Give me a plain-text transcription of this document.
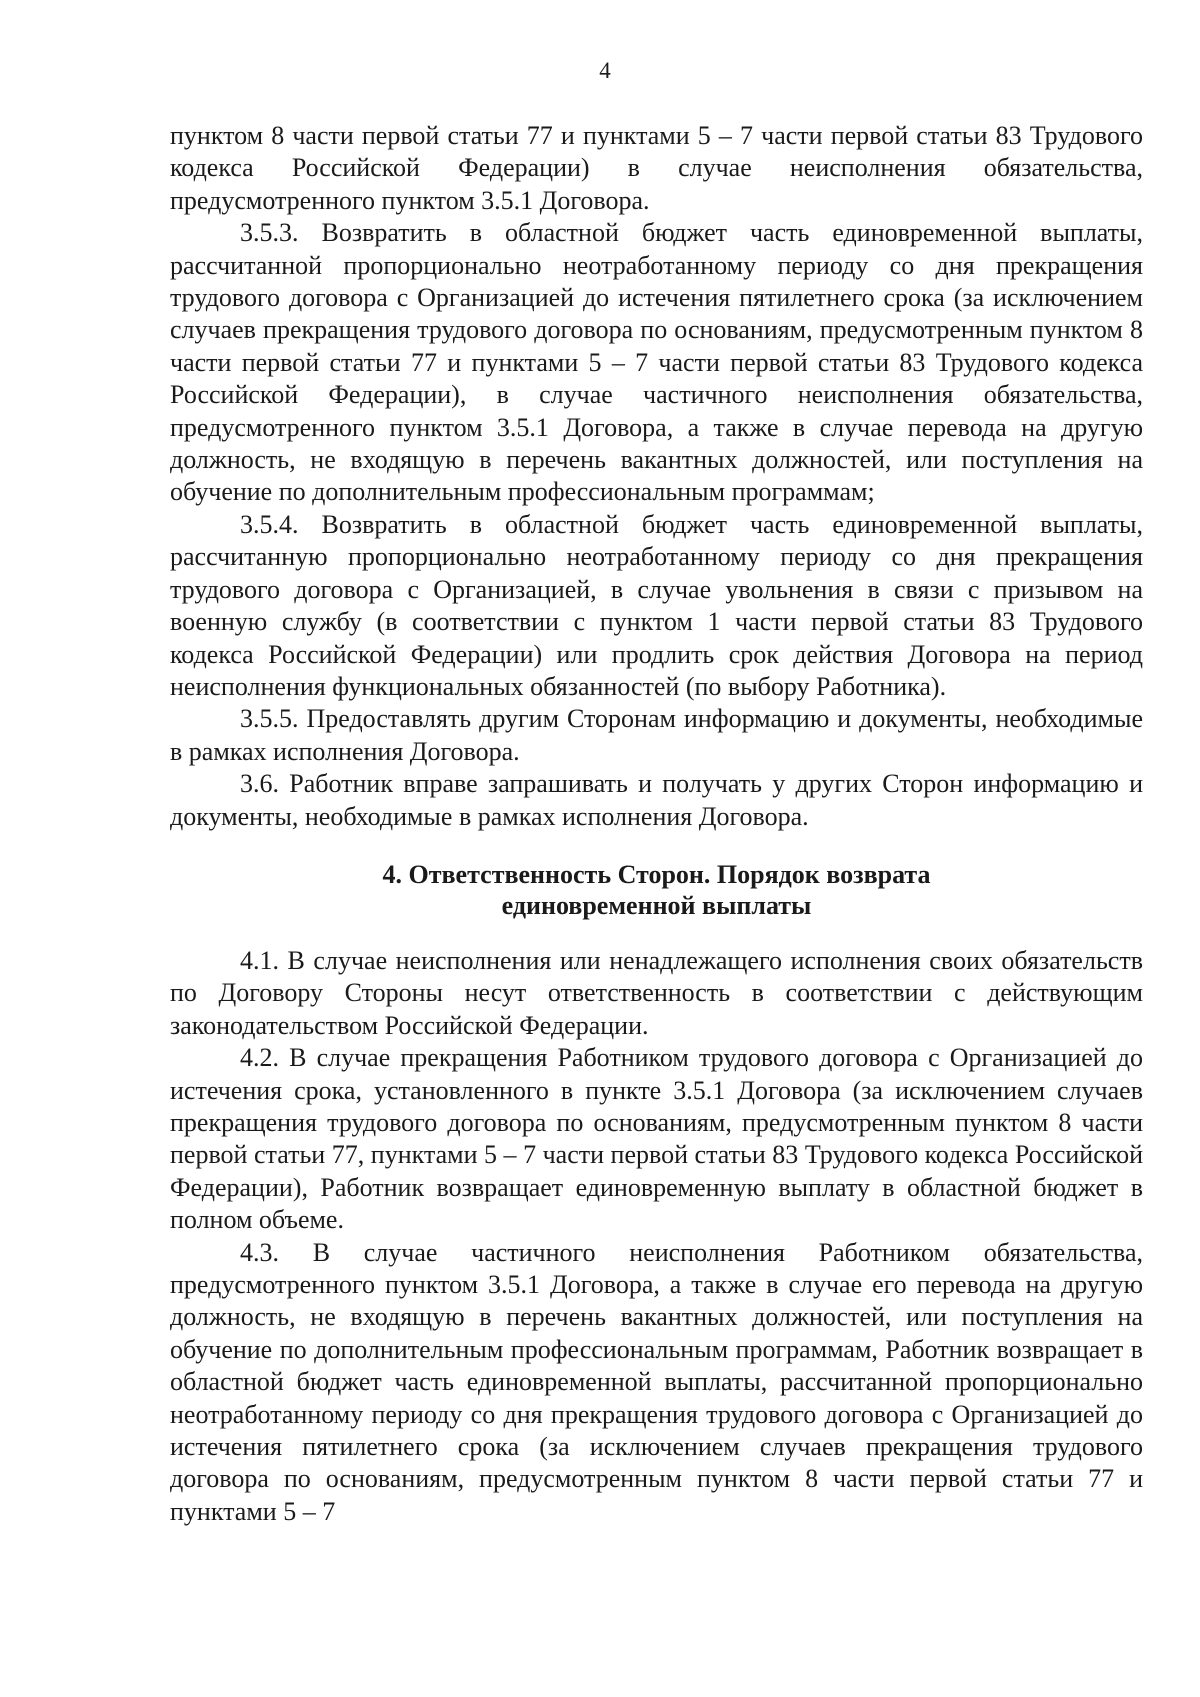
4

пунктом 8 части первой статьи 77 и пунктами 5 – 7 части первой статьи 83 Трудового кодекса Российской Федерации) в случае неисполнения обязательства, предусмотренного пунктом 3.5.1 Договора.

3.5.3. Возвратить в областной бюджет часть единовременной выплаты, рассчитанной пропорционально неотработанному периоду со дня прекращения трудового договора с Организацией до истечения пятилетнего срока (за исключением случаев прекращения трудового договора по основаниям, предусмотренным пунктом 8 части первой статьи 77 и пунктами 5 – 7 части первой статьи 83 Трудового кодекса Российской Федерации), в случае частичного неисполнения обязательства, предусмотренного пунктом 3.5.1 Договора, а также в случае перевода на другую должность, не входящую в перечень вакантных должностей, или поступления на обучение по дополнительным профессиональным программам;

3.5.4. Возвратить в областной бюджет часть единовременной выплаты, рассчитанную пропорционально неотработанному периоду со дня прекращения трудового договора с Организацией, в случае увольнения в связи с призывом на военную службу (в соответствии с пунктом 1 части первой статьи 83 Трудового кодекса Российской Федерации) или продлить срок действия Договора на период неисполнения функциональных обязанностей (по выбору Работника).

3.5.5. Предоставлять другим Сторонам информацию и документы, необходимые в рамках исполнения Договора.

3.6. Работник вправе запрашивать и получать у других Сторон информацию и документы, необходимые в рамках исполнения Договора.

4. Ответственность Сторон. Порядок возврата
единовременной выплаты

4.1. В случае неисполнения или ненадлежащего исполнения своих обязательств по Договору Стороны несут ответственность в соответствии с действующим законодательством Российской Федерации.

4.2. В случае прекращения Работником трудового договора с Организацией до истечения срока, установленного в пункте 3.5.1 Договора (за исключением случаев прекращения трудового договора по основаниям, предусмотренным пунктом 8 части первой статьи 77, пунктами 5 – 7 части первой статьи 83 Трудового кодекса Российской Федерации), Работник возвращает единовременную выплату в областной бюджет в полном объеме.

4.3. В случае частичного неисполнения Работником обязательства, предусмотренного пунктом 3.5.1 Договора, а также в случае его перевода на другую должность, не входящую в перечень вакантных должностей, или поступления на обучение по дополнительным профессиональным программам, Работник возвращает в областной бюджет часть единовременной выплаты, рассчитанной пропорционально неотработанному периоду со дня прекращения трудового договора с Организацией до истечения пятилетнего срока (за исключением случаев прекращения трудового договора по основаниям, предусмотренным пунктом 8 части первой статьи 77 и пунктами 5 – 7
